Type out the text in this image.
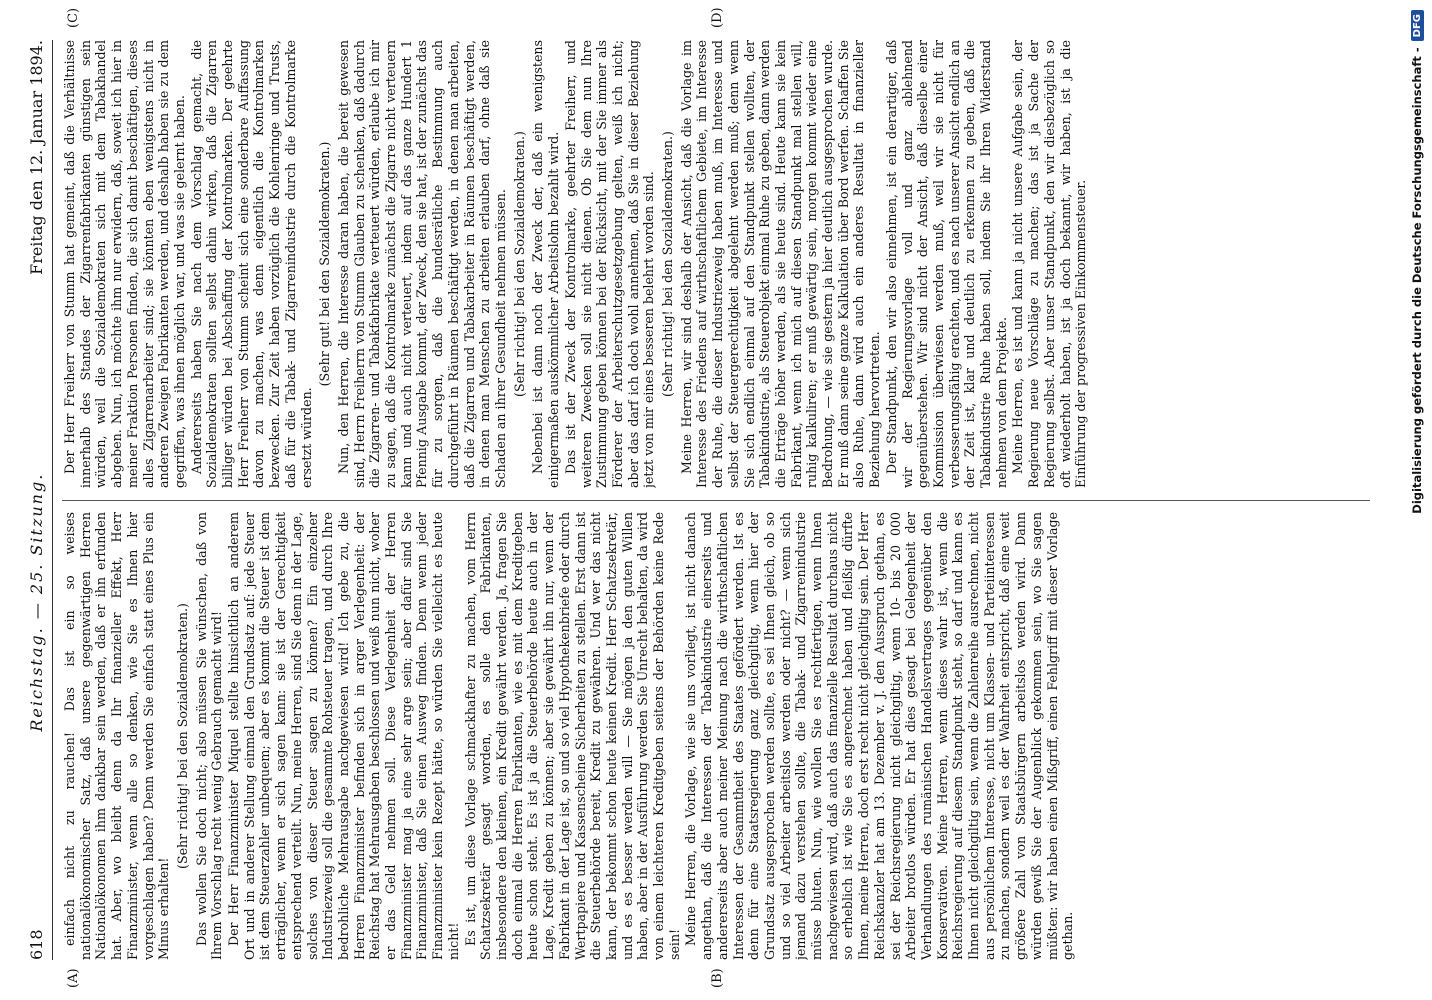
618
Reichstag. — 25. Sitzung.
Freitag den 12. Januar 1894.
(A)	(B)
(C)	(D)

einfach nicht zu rauchen! Das ist ein so weises nationalökonomischer Satz, daß unsere gegenwärtigen Herren Nationalökonomen ihm dankbar sein werden, daß er ihn erfunden hat. Aber, wo bleibt denn da Ihr finanzieller Effekt, Herr Finanzminister, wenn alle so denken, wie Sie es Ihnen hier vorgeschlagen haben? Denn werden Sie einfach statt eines Plus ein Minus erhalten!

(Sehr richtig! bei den Sozialdemokraten.) Das wollen Sie doch nicht; also müssen Sie wünschen, daß von Ihrem Vorschlag recht wenig Gebrauch gemacht wird! Der Herr Finanzminister Miquel stellte hinsichtlich an anderem Ort und in anderer Stellung einmal den Grundsatz auf: jede Steuer ist dem Steuerzahler unbequem; aber es kommt die Steuer ist dem erträglicher, wenn er sich sagen kann: sie ist der Gerechtigkeit entsprechend verteilt. Nun, meine Herren, sind Sie denn in der Lage, solches von dieser Steuer sagen zu können? Ein einzelner Industriezweig soll die gesammte Rohsteuer tragen, und durch Ihre bedrohliche Mehrausgabe nachgewiesen wird! Ich gebe zu, die Herren Finanzminister befinden sich in arger Verlegenheit: der Reichstag hat Mehrausgaben beschlossen und weiß nun nicht, woher er das Geld nehmen soll. Diese Verlegenheit der Herren Finanzminister mag ja eine sehr arge sein; aber dafür sind Sie Finanzminister, daß Sie einen Ausweg finden. Denn wenn jeder Finanzminister kein Rezept hätte, so würden Sie vielleicht es heute nicht! Es ist, um diese Vorlage schmackhafter zu machen, vom Herrn Schatzsekretär gesagt worden, es solle den Fabrikanten, insbesondere den kleinen, ein Kredit gewährt werden. Ja, fragen Sie doch einmal die Herren Fabrikanten, wie es mit dem Kreditgeben heute schon steht. Es ist ja die Steuerbehörde heute auch in der Lage, Kredit geben zu können; aber sie gewährt ihn nur, wenn der Fabrikant in der Lage ist, so und so viel Hypothekenbriefe oder durch Wertpapiere und Kassenscheine Sicherheiten zu stellen. Erst dann ist die Steuerbehörde bereit, Kredit zu gewähren. Und wer das nicht kann, der bekommt schon heute keinen Kredit. Herr Schatzsekretär, und es es besser werden will — Sie mögen ja den guten Willen haben, aber in der Ausführung werden Sie Unrecht behalten, da wird von einem leichteren Kreditgeben seitens der Behörden keine Rede sein! Meine Herren, die Vorlage, wie sie uns vorliegt, ist nicht danach angethan, daß die Interessen der Tabakindustrie einerseits und andererseits aber auch meiner Meinung nach die wirthschaftlichen Interessen der Gesammtheit des Staates gefördert werden. Ist es denn für eine Staatsregierung ganz gleichgiltig, wenn hier der Grundsatz ausgesprochen werden sollte, es sei Ihnen gleich, ob so und so viel Arbeiter arbeitslos werden oder nicht? — wenn sich jemand dazu verstehen sollte, die Tabak- und Zigarrenindustrie müsse bluten. Nun, wie wollen Sie es rechtfertigen, wenn Ihnen nachgewiesen wird, daß auch das finanzielle Resultat durchaus nicht so erheblich ist wie Sie es angerechnet haben und fleißig dürfte Ihnen, meine Herren, doch erst recht nicht gleichgiltig sein. Der Herr Reichskanzler hat am 13. Dezember v. J. den Ausspruch gethan, es sei der Reichsregierung nicht gleichgiltig, wenn 10- bis 20 000 Arbeiter brotlos würden. Er hat dies gesagt bei Gelegenheit der Verhandlungen des rumänischen Handelsvertrages gegenüber den Konservativen. Meine Herren, wenn dieses wahr ist, wenn die Reichsregierung auf diesem Standpunkt steht, so darf und kann es Ihnen nicht gleichgiltig sein, wenn die Zahlenreihe ausrechnen, nicht aus persönlichem Interesse, nicht um Klassen- und Parteiinteressen zu machen, sondern weil es der Wahrheit entspricht, daß eine weit größere Zahl von Staatsbürgern arbeitslos werden wird. Dann würden gewiß Sie der Augenblick gekommen sein, wo Sie sagen müßten: wir haben einen Mißgriff, einen Fehlgriff mit dieser Vorlage gethan.

Der Herr Freiherr von Stumm hat gemeint, daß die Verhältnisse innerhalb des Standes der Zigarrenfabrikanten günstigen sein würden, weil die Sozialdemokraten sich mit dem Tabakhandel abgeben. Nun, ich möchte ihm nur erwidern, daß, soweit ich hier in meiner Fraktion Personen finden, die sich damit beschäftigen, dieses alles Zigarrenarbeiter sind; sie könnten eben wenigstens nicht in anderen Zweigen Fabrikanten werden, und deshalb haben sie zu dem gegriffen, was ihnen möglich war, und was sie gelernt haben. Andererseits haben Sie nach dem Vorschlag gemacht, die Sozialdemokraten sollten selbst dahin wirken, daß die Zigarren billiger würden bei Abschaffung der Kontrolmarken. Der geehrte Herr Freiherr von Stumm scheint sich eine sonderbare Auffassung davon zu machen, was denn eigentlich die Kontrolmarken bezwecken. Zur Zeit haben vorzüglich die Kohlenringe und Trusts, daß für die Tabak- und Zigarrenindustrie durch die Kontrolmarke ersetzt würden.

(Sehr gut! bei den Sozialdemokraten.) Nun, den Herren, die Interesse daran haben, die bereit gewesen sind, Herrn Freiherrn von Stumm Glauben zu schenken, daß dadurch die Zigarren- und Tabakfabrikate verteuert würden, erlaube ich mir zu sagen, daß die Kontrolmarke zunächst die Zigarre nicht verteuern kann und auch nicht verteuert, indem auf das ganze Hundert 1 Pfennig Ausgabe kommt, der Zweck, den sie hat, ist der zunächst das für zu sorgen, daß die bundesrätliche Bestimmung auch durchgeführt in Räumen beschäftigt werden, in denen man arbeiten, daß die Zigarren und Tabakarbeiter in Räumen beschäftigt werden, in denen man Menschen zu arbeiten erlauben darf, ohne daß sie Schaden an ihrer Gesundheit nehmen müssen. (Sehr richtig! bei den Sozialdemokraten.) Nebenbei ist dann noch der Zweck der, daß ein wenigstens einigermaßen auskömmlicher Arbeitslohn bezahlt wird. Das ist der Zweck der Kontrolmarke, geehrter Freiherr, und weiteren Zwecken soll sie nicht dienen. Ob Sie dem nun Ihre Zustimmung geben können bei der Rücksicht, mit der Sie immer als Förderer der Arbeiterschutzgesetzgebung gelten, weiß ich nicht; aber das darf ich doch wohl annehmen, daß Sie in dieser Beziehung jetzt von mir eines besseren belehrt worden sind. (Sehr richtig! bei den Sozialdemokraten.) Meine Herren, wir sind deshalb der Ansicht, daß die Vorlage im Interesse des Friedens auf wirthschaftlichem Gebiete, im Interesse der Ruhe, die dieser Industriezweig haben muß, im Interesse und selbst der Steuergerechtigkeit abgelehnt werden muß; denn wenn Sie sich endlich einmal auf den Standpunkt stellen wollten, der Tabakindustrie, als Steuerobjekt einmal Ruhe zu geben, dann werden die Erträge höher werden, als sie heute sind. Heute kann sie kein Fabrikant, wenn ich mich auf diesen Standpunkt mal stellen will, ruhig kalkuliren; er muß gewärtig sein, morgen kommt wieder eine Bedrohung, — wie sie gestern ja hier deutlich ausgesprochen wurde. Er muß dann seine ganze Kalkulation über Bord werfen. Schaffen Sie also Ruhe, dann wird auch ein anderes Resultat in finanzieller Beziehung hervortreten. Der Standpunkt, den wir also einnehmen, ist ein derartiger, daß wir der Regierungsvorlage voll und ganz ablehnend gegenüberstehen. Wir sind nicht der Ansicht, daß dieselbe einer Kommission überwiesen werden muß, weil wir sie nicht für verbesserungsfähig erachten, und es nach unserer Ansicht endlich an der Zeit ist, klar und deutlich zu erkennen zu geben, daß die Tabakindustrie Ruhe haben soll, indem Sie ihr Ihren Widerstand nehmen von dem Projekte. Meine Herren, es ist und kann ja nicht unsere Aufgabe sein, der Regierung neue Vorschläge zu machen; das ist ja Sache der Regierung selbst. Aber unser Standpunkt, den wir diesbezüglich so oft wiederholt haben, ist ja doch bekannt, wir haben, ist ja die Einführung der progressiven Einkommensteuer.	Digitalisierung gefördert durch die Deutsche Forschungsgemeinschaft -
DFG
